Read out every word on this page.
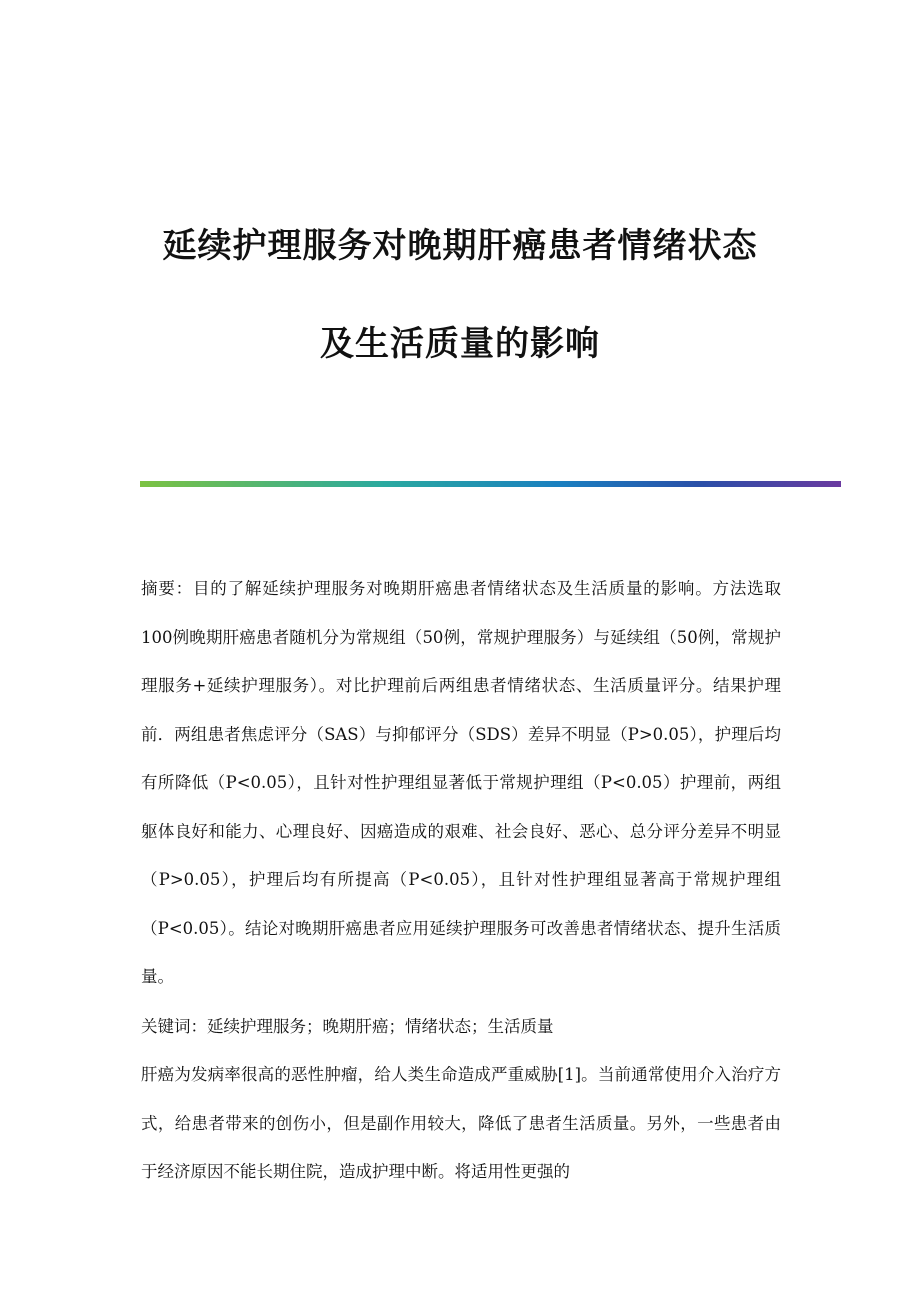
延续护理服务对晚期肝癌患者情绪状态
及生活质量的影响

摘要：目的了解延续护理服务对晚期肝癌患者情绪状态及生活质量的影响。方法选取100例晚期肝癌患者随机分为常规组（50例，常规护理服务）与延续组（50例，常规护理服务+延续护理服务）。对比护理前后两组患者情绪状态、生活质量评分。结果护理前．两组患者焦虑评分（SAS）与抑郁评分（SDS）差异不明显（P>0.05），护理后均有所降低（P<0.05），且针对性护理组显著低于常规护理组（P<0.05）护理前，两组躯体良好和能力、心理良好、因癌造成的艰难、社会良好、恶心、总分评分差异不明显（P>0.05），护理后均有所提高（P<0.05），且针对性护理组显著高于常规护理组（P<0.05）。结论对晚期肝癌患者应用延续护理服务可改善患者情绪状态、提升生活质量。

关键词：延续护理服务；晚期肝癌；情绪状态；生活质量

肝癌为发病率很高的恶性肿瘤，给人类生命造成严重威胁[1]。当前通常使用介入治疗方式，给患者带来的创伤小，但是副作用较大，降低了患者生活质量。另外，一些患者由于经济原因不能长期住院，造成护理中断。将适用性更强的
